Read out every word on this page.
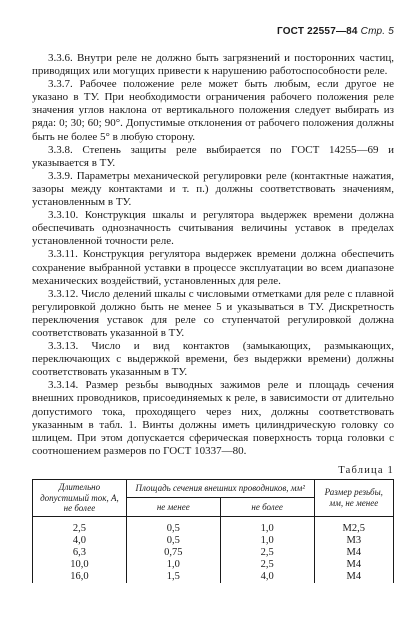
ГОСТ 22557—84 Стр. 5

3.3.6. Внутри реле не должно быть загрязнений и посторонних частиц, приводящих или могущих привести к нарушению работоспособности реле.

3.3.7. Рабочее положение реле может быть любым, если другое не указано в ТУ. При необходимости ограничения рабочего положения реле значения углов наклона от вертикального положения следует выбирать из ряда: 0; 30; 60; 90°. Допустимые отклонения от рабочего положения должны быть не более 5° в любую сторону.

3.3.8. Степень защиты реле выбирается по ГОСТ 14255—69 и указывается в ТУ.

3.3.9. Параметры механической регулировки реле (контактные нажатия, зазоры между контактами и т. п.) должны соответствовать значениям, установленным в ТУ.

3.3.10. Конструкция шкалы и регулятора выдержек времени должна обеспечивать однозначность считывания величины уставок в пределах установленной точности реле.

3.3.11. Конструкция регулятора выдержек времени должна обеспечить сохранение выбранной уставки в процессе эксплуатации во всем диапазоне механических воздействий, установленных для реле.

3.3.12. Число делений шкалы с числовыми отметками для реле с плавной регулировкой должно быть не менее 5 и указываться в ТУ. Дискретность переключения уставок для реле со ступенчатой регулировкой должна соответствовать указанной в ТУ.

3.3.13. Число и вид контактов (замыкающих, размыкающих, переключающих с выдержкой времени, без выдержки времени) должны соответствовать указанным в ТУ.

3.3.14. Размер резьбы выводных зажимов реле и площадь сечения внешних проводников, присоединяемых к реле, в зависимости от длительно допустимого тока, проходящего через них, должны соответствовать указанным в табл. 1. Винты должны иметь цилиндрическую головку со шлицем. При этом допускается сферическая поверхность торца головки с соотношением размеров по ГОСТ 10337—80.

Таблица 1
Длительно допустимый ток, А, не более	Площадь сечения внешних проводников, мм²		Размер резьбы, мм, не менее
	не менее	не более	
2,5	0,5	1,0	M2,5
4,0	0,5	1,0	M3
6,3	0,75	2,5	M4
10,0	1,0	2,5	M4
16,0	1,5	4,0	M4
